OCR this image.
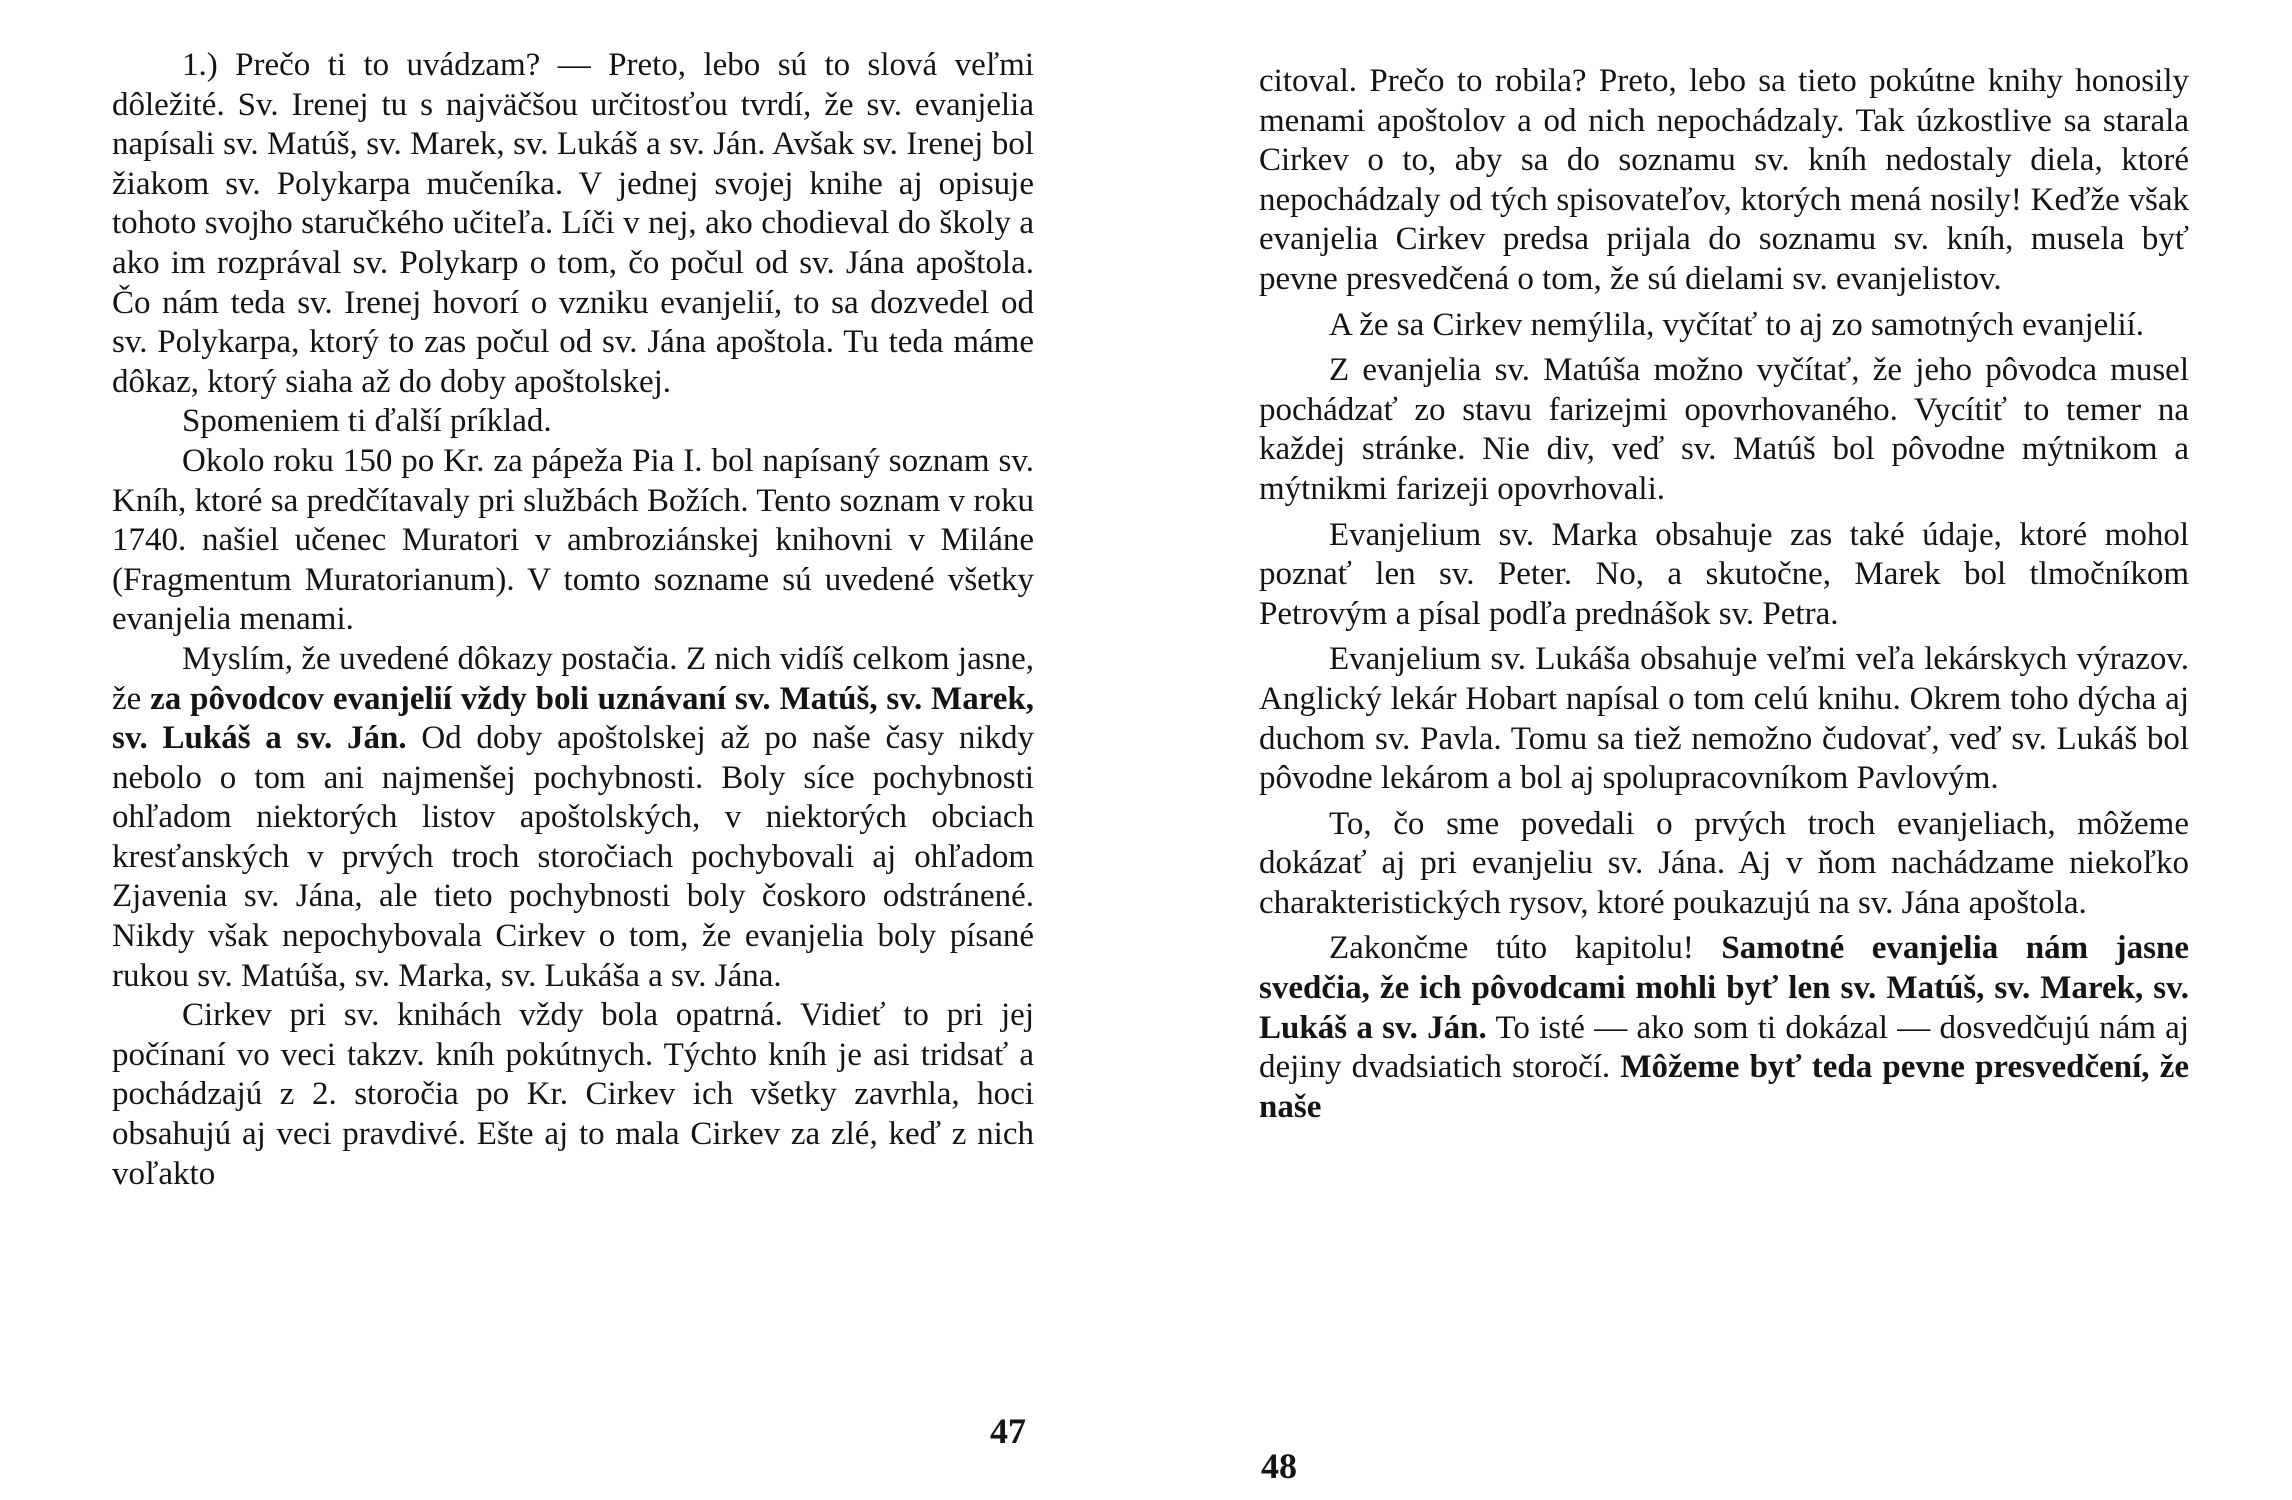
1.) Prečo ti to uvádzam? — Preto, lebo sú to slová veľmi dôležité. Sv. Irenej tu s najväčšou určitosťou tvrdí, že sv. evanjelia napísali sv. Matúš, sv. Marek, sv. Lukáš a sv. Ján. Avšak sv. Irenej bol žiakom sv. Polykarpa mučeníka. V jednej svojej knihe aj opisuje tohoto svojho staručkého učiteľa. Líči v nej, ako chodieval do školy a ako im rozprával sv. Polykarp o tom, čo počul od sv. Jána apoštola. Čo nám teda sv. Irenej hovorí o vzniku evanjelií, to sa dozvedel od sv. Polykarpa, ktorý to zas počul od sv. Jána apoštola. Tu teda máme dôkaz, ktorý siaha až do doby apoštolskej.

Spomeniem ti ďalší príklad.

Okolo roku 150 po Kr. za pápeža Pia I. bol napísaný soznam sv. Kníh, ktoré sa predčítavaly pri službách Božích. Tento soznam v roku 1740. našiel učenec Muratori v ambroziánskej knihovni v Miláne (Fragmentum Muratorianum). V tomto sozname sú uvedené všetky evanjelia menami.

Myslím, že uvedené dôkazy postačia. Z nich vidíš celkom jasne, že za pôvodcov evanjelií vždy boli uznávaní sv. Matúš, sv. Marek, sv. Lukáš a sv. Ján. Od doby apoštolskej až po naše časy nikdy nebolo o tom ani najmenšej pochybnosti. Boly síce pochybnosti ohľadom niektorých listov apoštolských, v niektorých obciach kresťanských v prvých troch storočiach pochybovali aj ohľadom Zjavenia sv. Jána, ale tieto pochybnosti boly čoskoro odstránené. Nikdy však nepochybovala Cirkev o tom, že evanjelia boly písané rukou sv. Matúša, sv. Marka, sv. Lukáša a sv. Jána.

Cirkev pri sv. knihách vždy bola opatrná. Vidieť to pri jej počínaní vo veci takzv. kníh pokútnych. Týchto kníh je asi tridsať a pochádzajú z 2. storočia po Kr. Cirkev ich všetky zavrhla, hoci obsahujú aj veci pravdivé. Ešte aj to mala Cirkev za zlé, keď z nich voľakto

47

citoval. Prečo to robila? Preto, lebo sa tieto pokútne knihy honosily menami apoštolov a od nich nepochádzaly. Tak úzkostlive sa starala Cirkev o to, aby sa do soznamu sv. kníh nedostaly diela, ktoré nepochádzaly od tých spisovateľov, ktorých mená nosily! Keďže však evanjelia Cirkev predsa prijala do soznamu sv. kníh, musela byť pevne presvedčená o tom, že sú dielami sv. evanjelistov.

A že sa Cirkev nemýlila, vyčítať to aj zo samotných evanjelií.

Z evanjelia sv. Matúša možno vyčítať, že jeho pôvodca musel pochádzať zo stavu farizejmi opovrhovaného. Vycítiť to temer na každej stránke. Nie div, veď sv. Matúš bol pôvodne mýtnikom a mýtnikmi farizeji opovrhovali.

Evanjelium sv. Marka obsahuje zas také údaje, ktoré mohol poznať len sv. Peter. No, a skutočne, Marek bol tlmočníkom Petrovým a písal podľa prednášok sv. Petra.

Evanjelium sv. Lukáša obsahuje veľmi veľa lekárskych výrazov. Anglický lekár Hobart napísal o tom celú knihu. Okrem toho dýcha aj duchom sv. Pavla. Tomu sa tiež nemožno čudovať, veď sv. Lukáš bol pôvodne lekárom a bol aj spolupracovníkom Pavlovým.

To, čo sme povedali o prvých troch evanjeliach, môžeme dokázať aj pri evanjeliu sv. Jána. Aj v ňom nachádzame niekoľko charakteristických rysov, ktoré poukazujú na sv. Jána apoštola.

Zakončme túto kapitolu! Samotné evanjelia nám jasne svedčia, že ich pôvodcami mohli byť len sv. Matúš, sv. Marek, sv. Lukáš a sv. Ján. To isté — ako som ti dokázal — dosvedčujú nám aj dejiny dvadsiatich storočí. Môžeme byť teda pevne presvedčení, že naše

48
